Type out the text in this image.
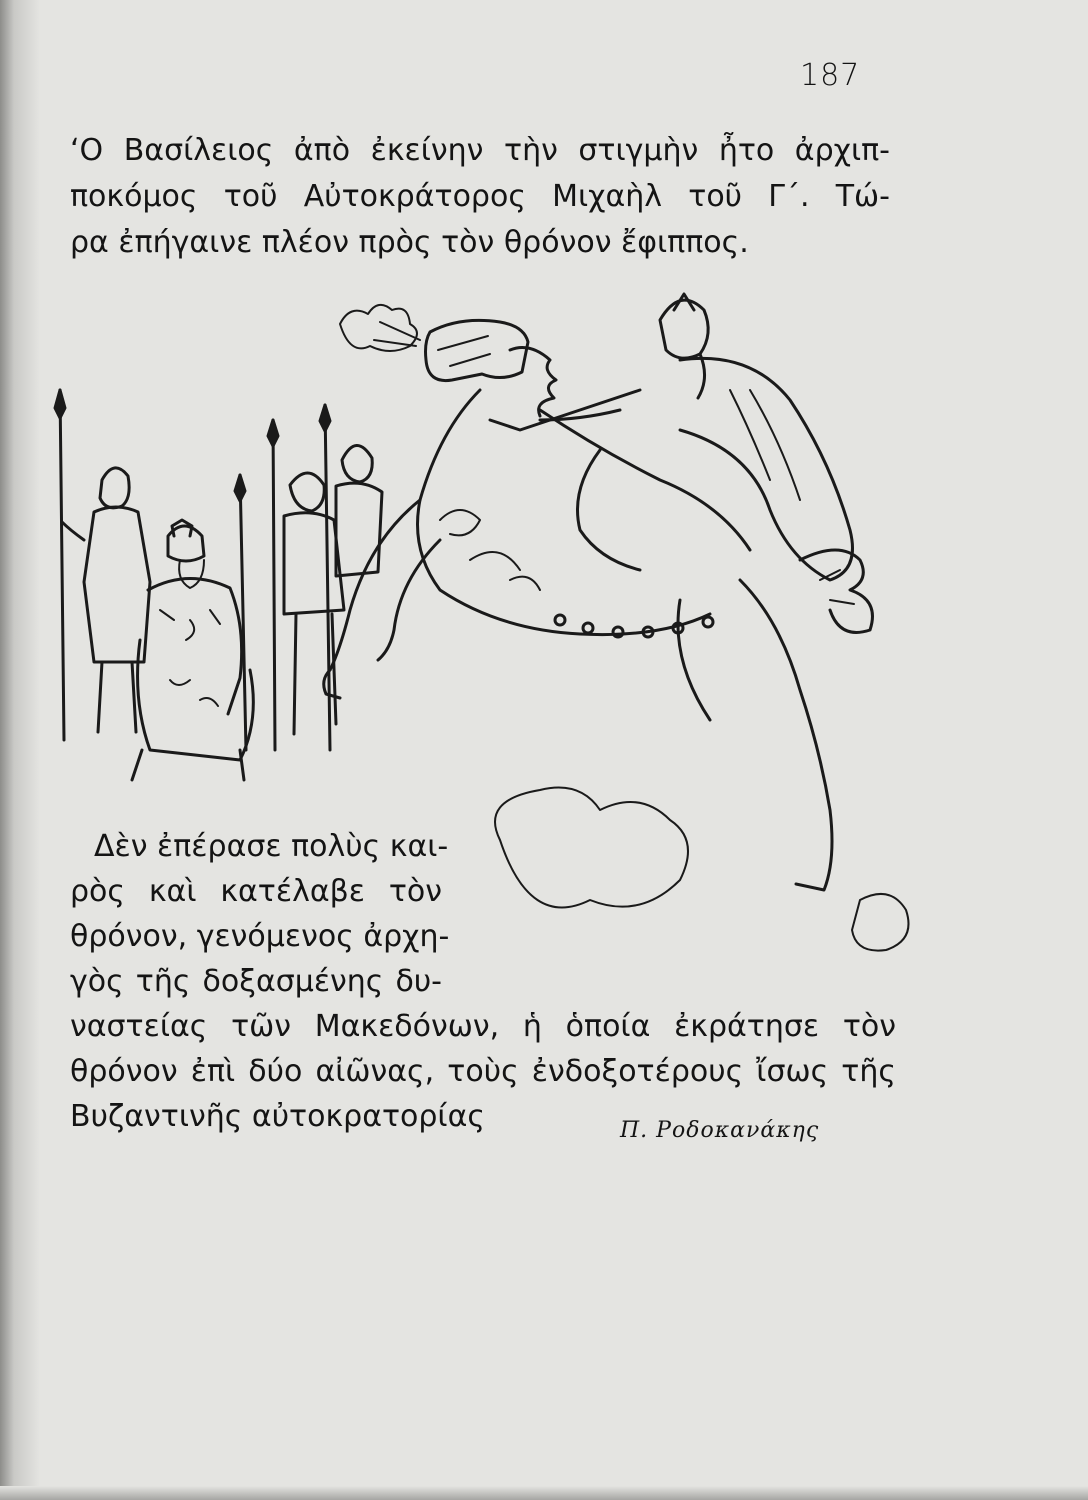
187
‘Ο Βασίλειος ἀπὸ ἐκείνην τὴν στιγμὴν ἦτο ἀρχιπ-
ποκόμος τοῦ Αὐτοκράτορος Μιχαὴλ τοῦ Γ΄. Τώ-
ρα ἐπήγαινε πλέον πρὸς τὸν θρόνον ἔφιππος.
Δὲν ἐπέρασε πολὺς και-
ρὸς καὶ κατέλαβε τὸν
θρόνον, γενόμενος ἀρχη-
γὸς τῆς δοξασμένης δυ-
ναστείας τῶν Μακεδόνων, ἡ ὁποία ἐκράτησε τὸν
θρόνον ἐπὶ δύο αἰῶνας, τοὺς ἐνδοξοτέρους ἴσως τῆς
Βυζαντινῆς αὐτοκρατορίας	Π. Ροδοκανάκης
